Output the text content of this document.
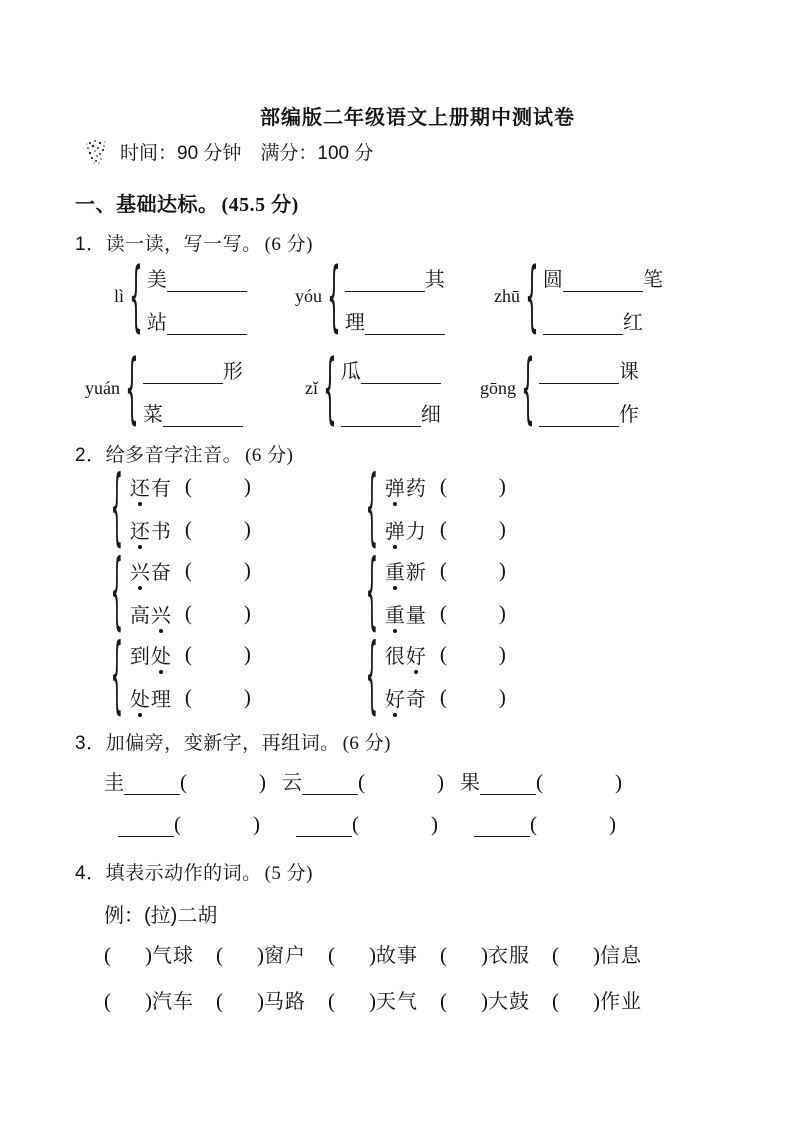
部编版二年级语文上册期中测试卷
时间：90 分钟　满分：100 分
一、基础达标。 (45.5 分)
1．读一读，写一写。 (6 分)
lì { 美
站
yóu {	其
理
zhū { 圆	笔
红
yuán {	形
菜
zǐ { 瓜
细
gōng {	课
作
2．给多音字注音。 (6 分)
{ 还有 ( )
还书 ( )
{ 兴奋 ( )
高兴 ( )
{ 到处 ( )
处理 ( )
{ 弹药 ( )
弹力 ( )
{ 重新 ( )
重量 ( )
{ 很好 ( )
好奇 ( )
3．加偏旁，变新字，再组词。 (6 分)
圭	(	) 云	(	) 果	(	)
(	)	(	)	(	)
4．填表示动作的词。 (5 分)
例：(拉)二胡
( ) 气球 ( ) 窗户 ( ) 故事 ( ) 衣服 ( ) 信息
( ) 汽车 ( ) 马路 ( ) 天气 ( ) 大鼓 ( ) 作业
